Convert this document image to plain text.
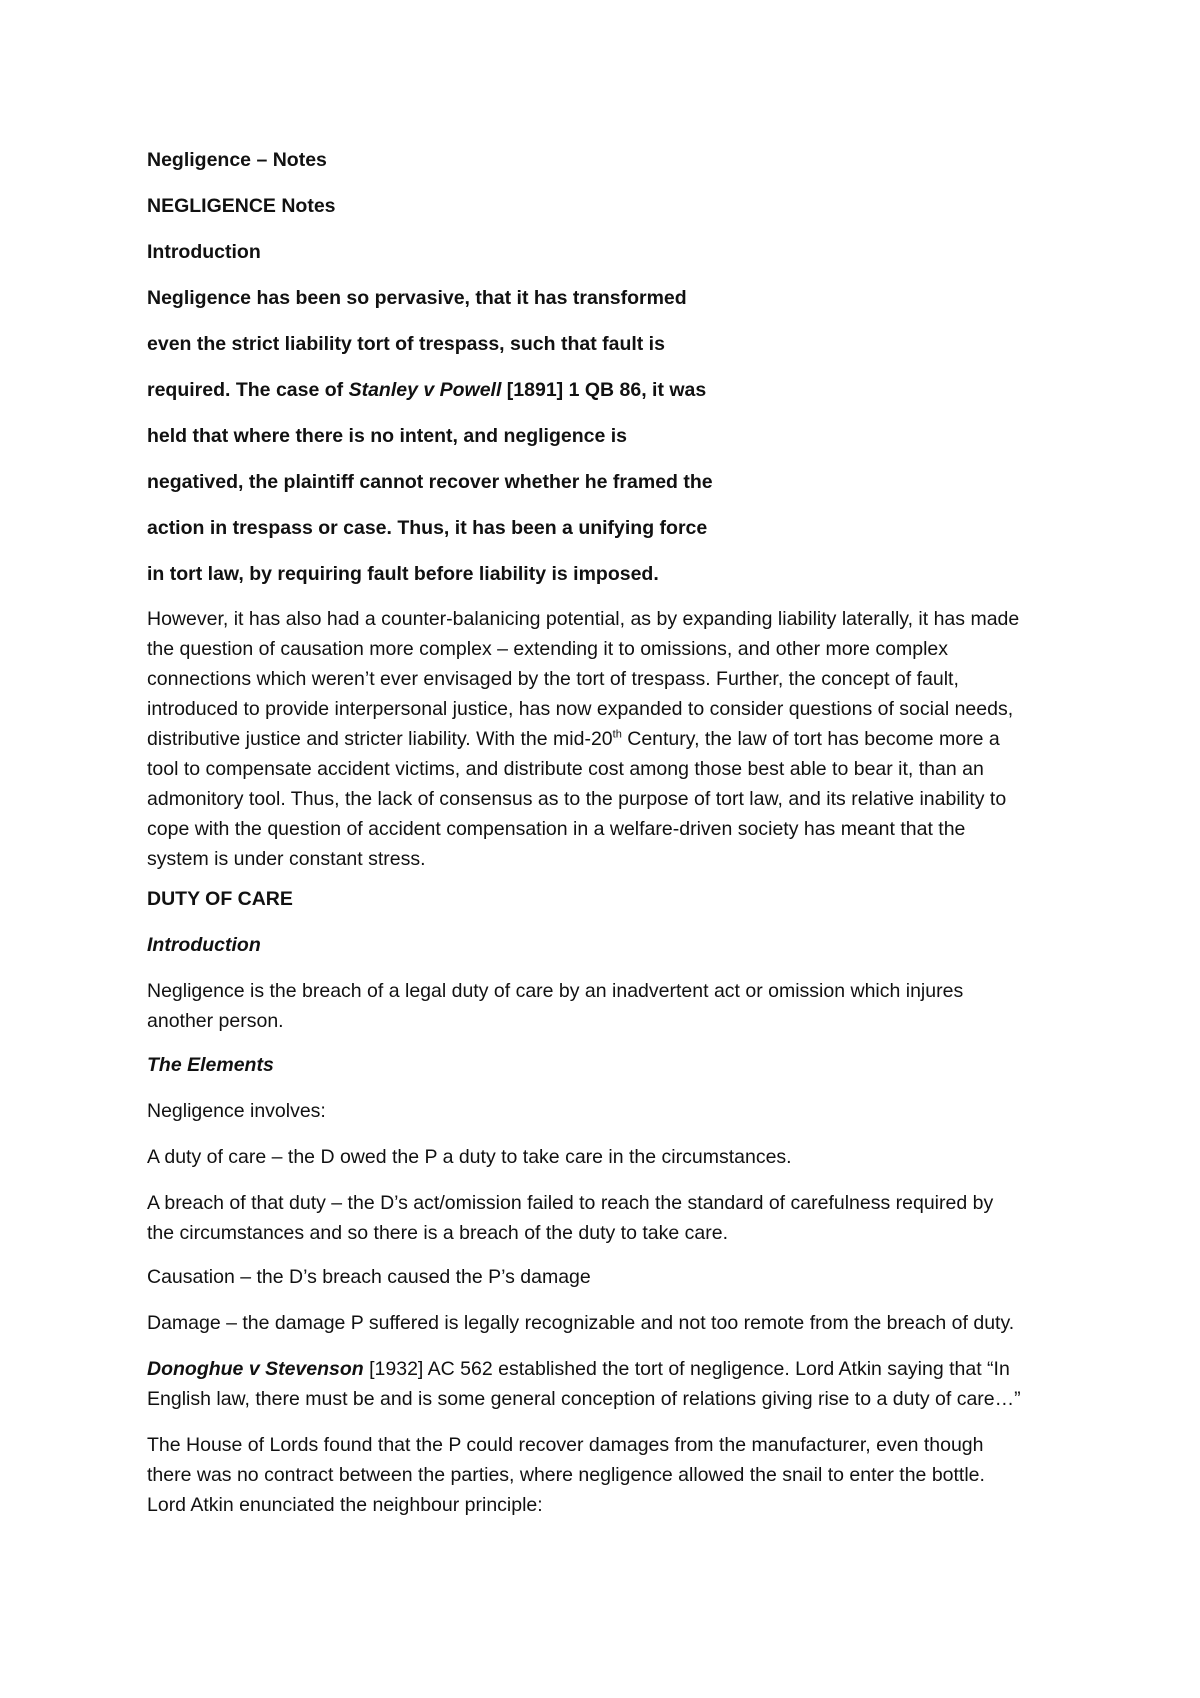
Negligence – Notes
NEGLIGENCE Notes
Introduction
Negligence has been so pervasive, that it has transformed
even the strict liability tort of trespass, such that fault is
required. The case of Stanley v Powell [1891] 1 QB 86, it was
held that where there is no intent, and negligence is
negatived, the plaintiff cannot recover whether he framed the
action in trespass or case. Thus, it has been a unifying force
in tort law, by requiring fault before liability is imposed.
However, it has also had a counter-balanicing potential, as by expanding liability laterally, it has made
the question of causation more complex – extending it to omissions, and other more complex
connections which weren’t ever envisaged by the tort of trespass. Further, the concept of fault,
introduced to provide interpersonal justice, has now expanded to consider questions of social needs,
distributive justice and stricter liability. With the mid-20th Century, the law of tort has become more a
tool to compensate accident victims, and distribute cost among those best able to bear it, than an
admonitory tool. Thus, the lack of consensus as to the purpose of tort law, and its relative inability to
cope with the question of accident compensation in a welfare-driven society has meant that the
system is under constant stress.
DUTY OF CARE
Introduction
Negligence is the breach of a legal duty of care by an inadvertent act or omission which injures
another person.
The Elements
Negligence involves:
A duty of care – the D owed the P a duty to take care in the circumstances.
A breach of that duty – the D’s act/omission failed to reach the standard of carefulness required by
the circumstances and so there is a breach of the duty to take care.
Causation – the D’s breach caused the P’s damage
Damage – the damage P suffered is legally recognizable and not too remote from the breach of duty.
Donoghue v Stevenson [1932] AC 562 established the tort of negligence. Lord Atkin saying that “In
English law, there must be and is some general conception of relations giving rise to a duty of care…”
The House of Lords found that the P could recover damages from the manufacturer, even though
there was no contract between the parties, where negligence allowed the snail to enter the bottle.
Lord Atkin enunciated the neighbour principle:
